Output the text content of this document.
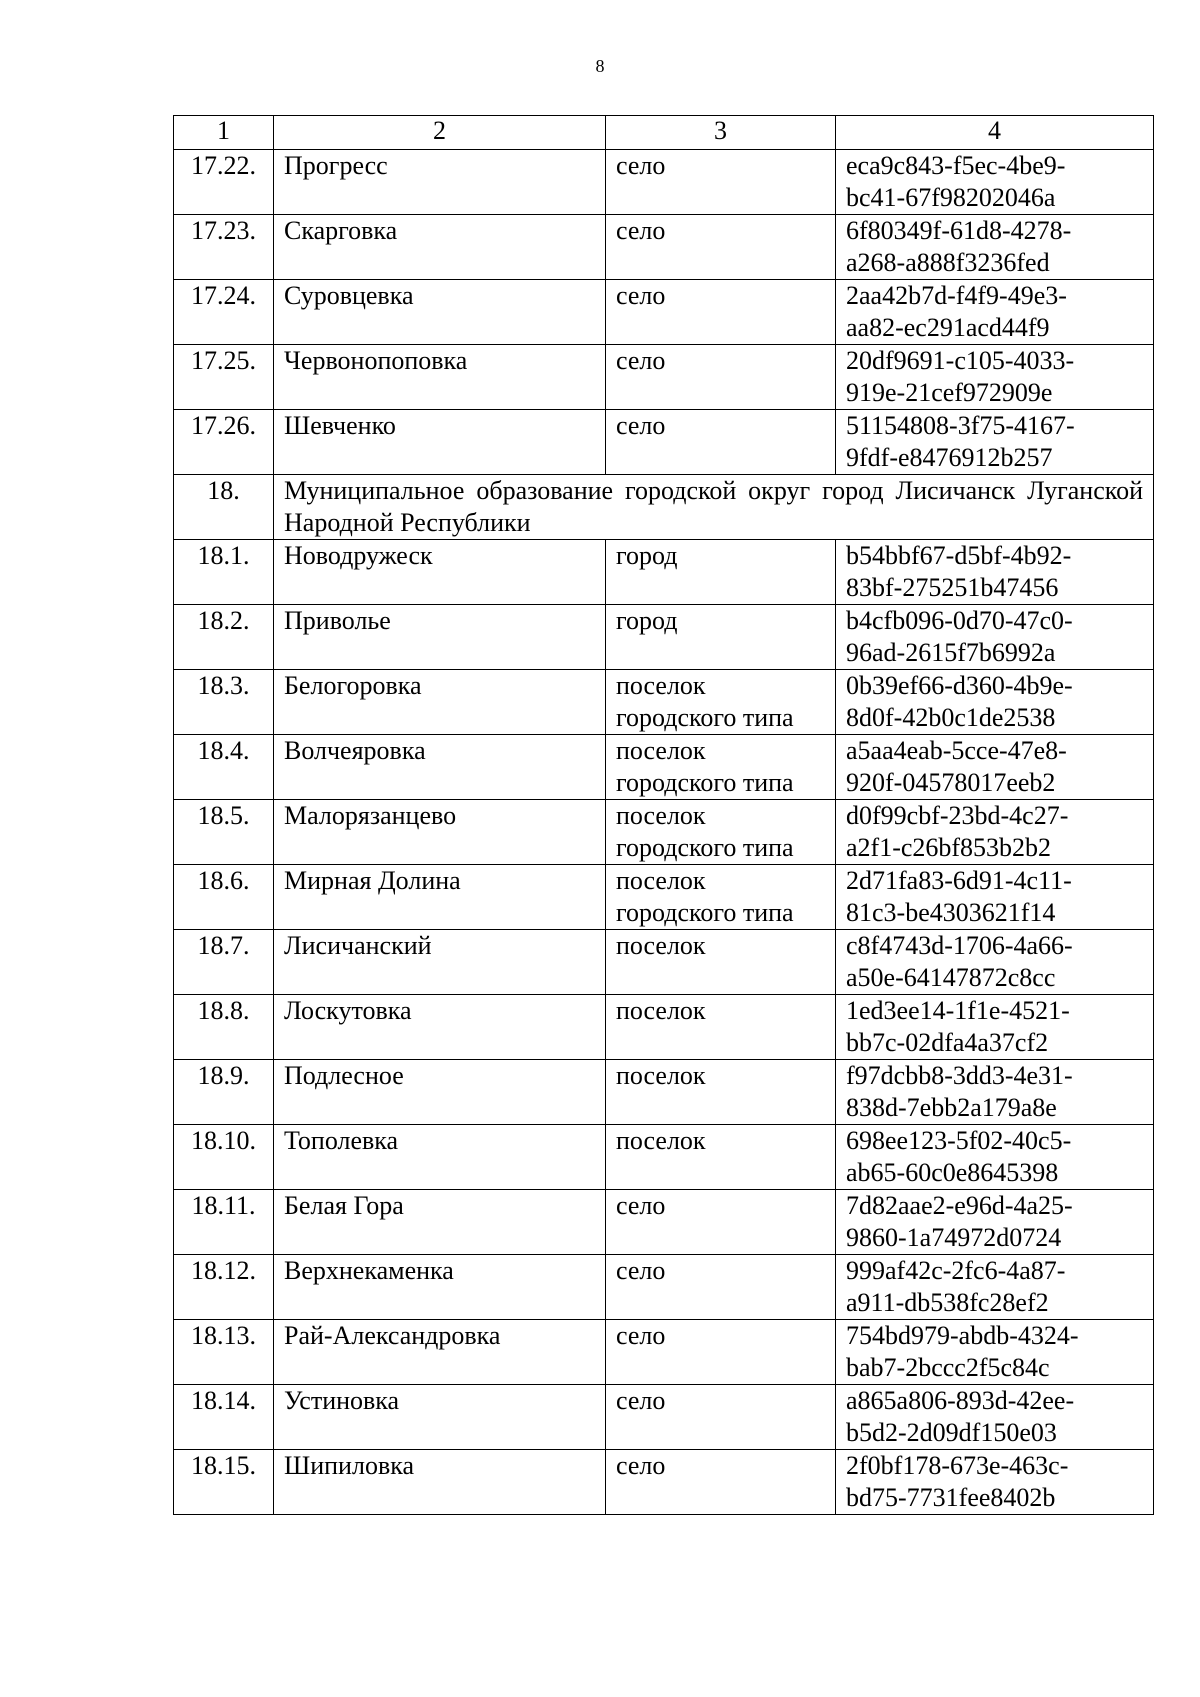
8
1	2	3	4
17.22.	Прогресс	село	eca9c843-f5ec-4be9-
bc41-67f98202046a

17.23.	Скарговка	село	6f80349f-61d8-4278-
a268-a888f3236fed

17.24.	Суровцевка	село	2aa42b7d-f4f9-49e3-
aa82-ec291acd44f9

17.25.	Червонопоповка	село	20df9691-c105-4033-
919e-21cef972909e

17.26.	Шевченко	село	51154808-3f75-4167-
9fdf-e8476912b257

18.	Муниципальное образование городской округ город Лисичанск Луганской Народной Республики		
18.1.	Новодружеск	город	b54bbf67-d5bf-4b92-
83bf-275251b47456

18.2.	Привольe	город	b4cfb096-0d70-47c0-
96ad-2615f7b6992a

18.3.	Белогоровка	поселок городского типа	0b39ef66-d360-4b9e-
8d0f-42b0c1de2538

18.4.	Волчеяровка	поселок городского типа	a5aa4eab-5cce-47e8-
920f-04578017eeb2

18.5.	Малорязанцево	поселок городского типа	d0f99cbf-23bd-4c27-
a2f1-c26bf853b2b2

18.6.	Мирная Долина	поселок городского типа	2d71fa83-6d91-4c11-
81c3-be4303621f14

18.7.	Лисичанский	поселок	c8f4743d-1706-4a66-
a50e-64147872c8cc

18.8.	Лоскутовка	поселок	1ed3ee14-1f1e-4521-
bb7c-02dfa4a37cf2

18.9.	Подлесное	поселок	f97dcbb8-3dd3-4e31-
838d-7ebb2a179a8e

18.10.	Тополевка	поселок	698ee123-5f02-40c5-
ab65-60c0e8645398

18.11.	Белая Гора	село	7d82aae2-e96d-4a25-
9860-1a74972d0724

18.12.	Верхнекаменка	село	999af42c-2fc6-4a87-
a911-db538fc28ef2

18.13.	Рай-Александровка	село	754bd979-abdb-4324-
bab7-2bccc2f5c84c

18.14.	Устиновка	село	a865a806-893d-42ee-
b5d2-2d09df150e03

18.15.	Шипиловка	село	2f0bf178-673e-463c-
bd75-7731fee8402b
